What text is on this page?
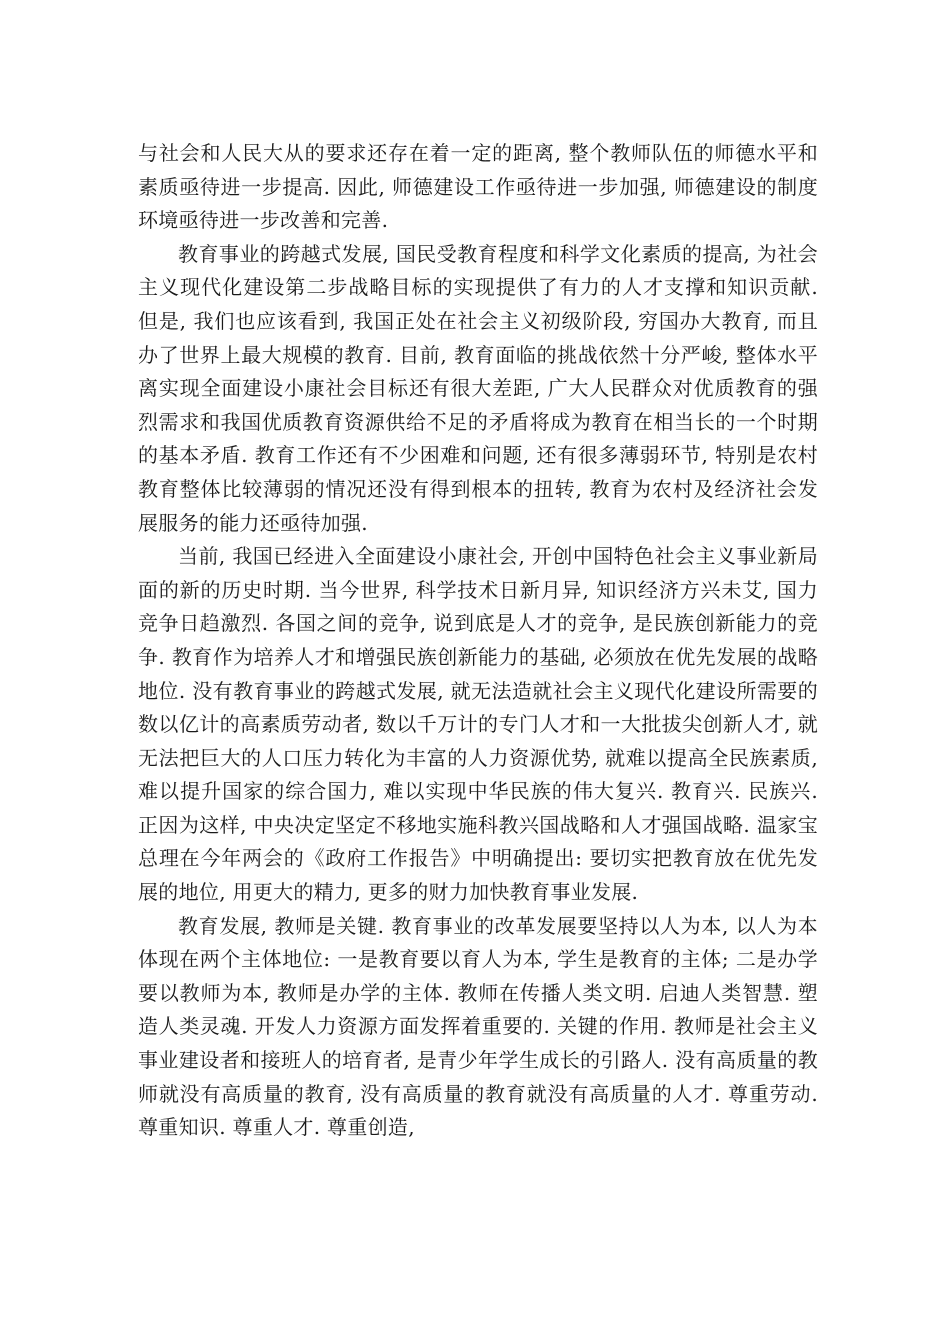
与社会和人民大从的要求还存在着一定的距离, 整个教师队伍的师德水平和素质亟待进一步提高. 因此, 师德建设工作亟待进一步加强, 师德建设的制度环境亟待进一步改善和完善.

教育事业的跨越式发展, 国民受教育程度和科学文化素质的提高, 为社会主义现代化建设第二步战略目标的实现提供了有力的人才支撑和知识贡献. 但是, 我们也应该看到, 我国正处在社会主义初级阶段, 穷国办大教育, 而且办了世界上最大规模的教育. 目前, 教育面临的挑战依然十分严峻, 整体水平离实现全面建设小康社会目标还有很大差距, 广大人民群众对优质教育的强烈需求和我国优质教育资源供给不足的矛盾将成为教育在相当长的一个时期的基本矛盾. 教育工作还有不少困难和问题, 还有很多薄弱环节, 特别是农村教育整体比较薄弱的情况还没有得到根本的扭转, 教育为农村及经济社会发展服务的能力还亟待加强.

当前, 我国已经进入全面建设小康社会, 开创中国特色社会主义事业新局面的新的历史时期. 当今世界, 科学技术日新月异, 知识经济方兴未艾, 国力竞争日趋激烈. 各国之间的竞争, 说到底是人才的竞争, 是民族创新能力的竞争. 教育作为培养人才和增强民族创新能力的基础, 必须放在优先发展的战略地位. 没有教育事业的跨越式发展, 就无法造就社会主义现代化建设所需要的数以亿计的高素质劳动者, 数以千万计的专门人才和一大批拔尖创新人才, 就无法把巨大的人口压力转化为丰富的人力资源优势, 就难以提高全民族素质, 难以提升国家的综合国力, 难以实现中华民族的伟大复兴. 教育兴. 民族兴. 正因为这样, 中央决定坚定不移地实施科教兴国战略和人才强国战略. 温家宝总理在今年两会的《政府工作报告》中明确提出: 要切实把教育放在优先发展的地位, 用更大的精力, 更多的财力加快教育事业发展.

教育发展, 教师是关键. 教育事业的改革发展要坚持以人为本, 以人为本体现在两个主体地位: 一是教育要以育人为本, 学生是教育的主体; 二是办学要以教师为本, 教师是办学的主体. 教师在传播人类文明. 启迪人类智慧. 塑造人类灵魂. 开发人力资源方面发挥着重要的. 关键的作用. 教师是社会主义事业建设者和接班人的培育者, 是青少年学生成长的引路人. 没有高质量的教师就没有高质量的教育, 没有高质量的教育就没有高质量的人才. 尊重劳动. 尊重知识. 尊重人才. 尊重创造,
